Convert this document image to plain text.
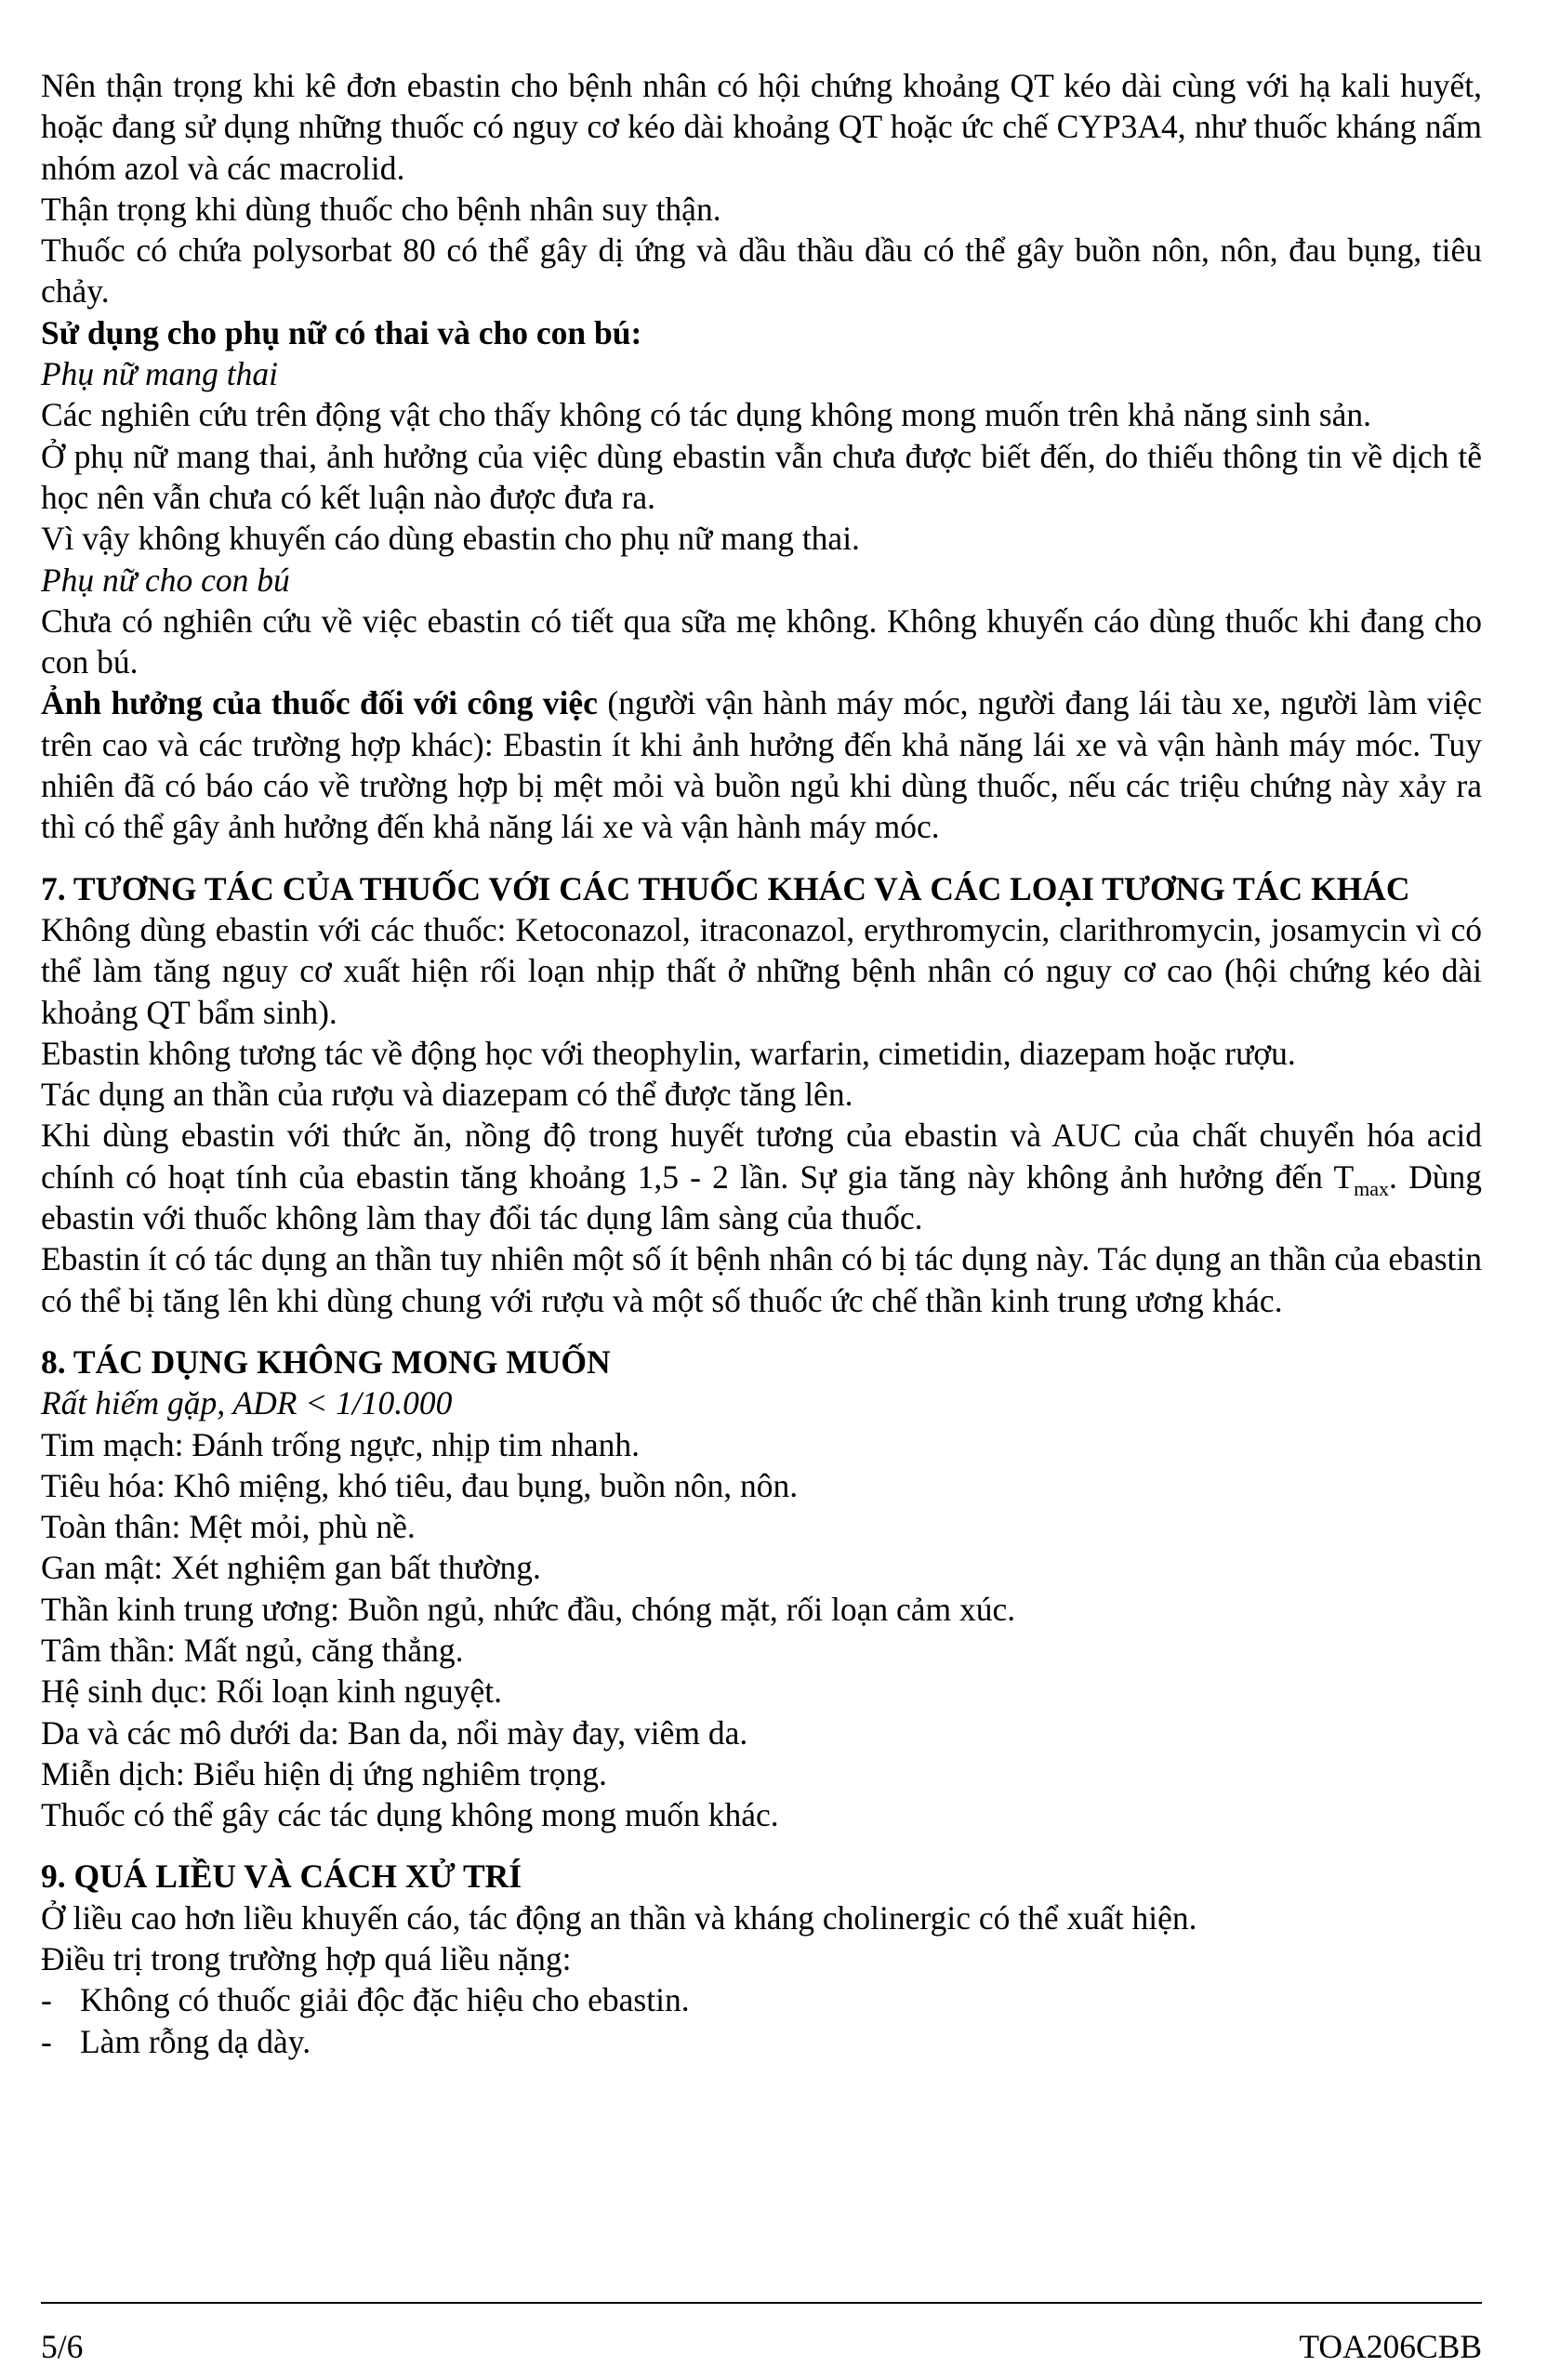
Nên thận trọng khi kê đơn ebastin cho bệnh nhân có hội chứng khoảng QT kéo dài cùng với hạ kali huyết, hoặc đang sử dụng những thuốc có nguy cơ kéo dài khoảng QT hoặc ức chế CYP3A4, như thuốc kháng nấm nhóm azol và các macrolid.

Thận trọng khi dùng thuốc cho bệnh nhân suy thận.

Thuốc có chứa polysorbat 80 có thể gây dị ứng và dầu thầu dầu có thể gây buồn nôn, nôn, đau bụng, tiêu chảy.

Sử dụng cho phụ nữ có thai và cho con bú:

Phụ nữ mang thai

Các nghiên cứu trên động vật cho thấy không có tác dụng không mong muốn trên khả năng sinh sản.

Ở phụ nữ mang thai, ảnh hưởng của việc dùng ebastin vẫn chưa được biết đến, do thiếu thông tin về dịch tễ học nên vẫn chưa có kết luận nào được đưa ra.

Vì vậy không khuyến cáo dùng ebastin cho phụ nữ mang thai.

Phụ nữ cho con bú

Chưa có nghiên cứu về việc ebastin có tiết qua sữa mẹ không. Không khuyến cáo dùng thuốc khi đang cho con bú.

Ảnh hưởng của thuốc đối với công việc (người vận hành máy móc, người đang lái tàu xe, người làm việc trên cao và các trường hợp khác): Ebastin ít khi ảnh hưởng đến khả năng lái xe và vận hành máy móc. Tuy nhiên đã có báo cáo về trường hợp bị mệt mỏi và buồn ngủ khi dùng thuốc, nếu các triệu chứng này xảy ra thì có thể gây ảnh hưởng đến khả năng lái xe và vận hành máy móc.

7. TƯƠNG TÁC CỦA THUỐC VỚI CÁC THUỐC KHÁC VÀ CÁC LOẠI TƯƠNG TÁC KHÁC

Không dùng ebastin với các thuốc: Ketoconazol, itraconazol, erythromycin, clarithromycin, josamycin vì có thể làm tăng nguy cơ xuất hiện rối loạn nhịp thất ở những bệnh nhân có nguy cơ cao (hội chứng kéo dài khoảng QT bẩm sinh).

Ebastin không tương tác về động học với theophylin, warfarin, cimetidin, diazepam hoặc rượu.

Tác dụng an thần của rượu và diazepam có thể được tăng lên.

Khi dùng ebastin với thức ăn, nồng độ trong huyết tương của ebastin và AUC của chất chuyển hóa acid chính có hoạt tính của ebastin tăng khoảng 1,5 - 2 lần. Sự gia tăng này không ảnh hưởng đến $T_{max}$. Dùng ebastin với thuốc không làm thay đổi tác dụng lâm sàng của thuốc.

Ebastin ít có tác dụng an thần tuy nhiên một số ít bệnh nhân có bị tác dụng này. Tác dụng an thần của ebastin có thể bị tăng lên khi dùng chung với rượu và một số thuốc ức chế thần kinh trung ương khác.

8. TÁC DỤNG KHÔNG MONG MUỐN

Rất hiếm gặp, ADR < 1/10.000

Tim mạch: Đánh trống ngực, nhịp tim nhanh.

Tiêu hóa: Khô miệng, khó tiêu, đau bụng, buồn nôn, nôn.

Toàn thân: Mệt mỏi, phù nề.

Gan mật: Xét nghiệm gan bất thường.

Thần kinh trung ương: Buồn ngủ, nhức đầu, chóng mặt, rối loạn cảm xúc.

Tâm thần: Mất ngủ, căng thẳng.

Hệ sinh dục: Rối loạn kinh nguyệt.

Da và các mô dưới da: Ban da, nổi mày đay, viêm da.

Miễn dịch: Biểu hiện dị ứng nghiêm trọng.

Thuốc có thể gây các tác dụng không mong muốn khác.

9. QUÁ LIỀU VÀ CÁCH XỬ TRÍ

Ở liều cao hơn liều khuyến cáo, tác động an thần và kháng cholinergic có thể xuất hiện.

Điều trị trong trường hợp quá liều nặng:

- Không có thuốc giải độc đặc hiệu cho ebastin.
- Làm rỗng dạ dày.
5/6	TOA206CBB
